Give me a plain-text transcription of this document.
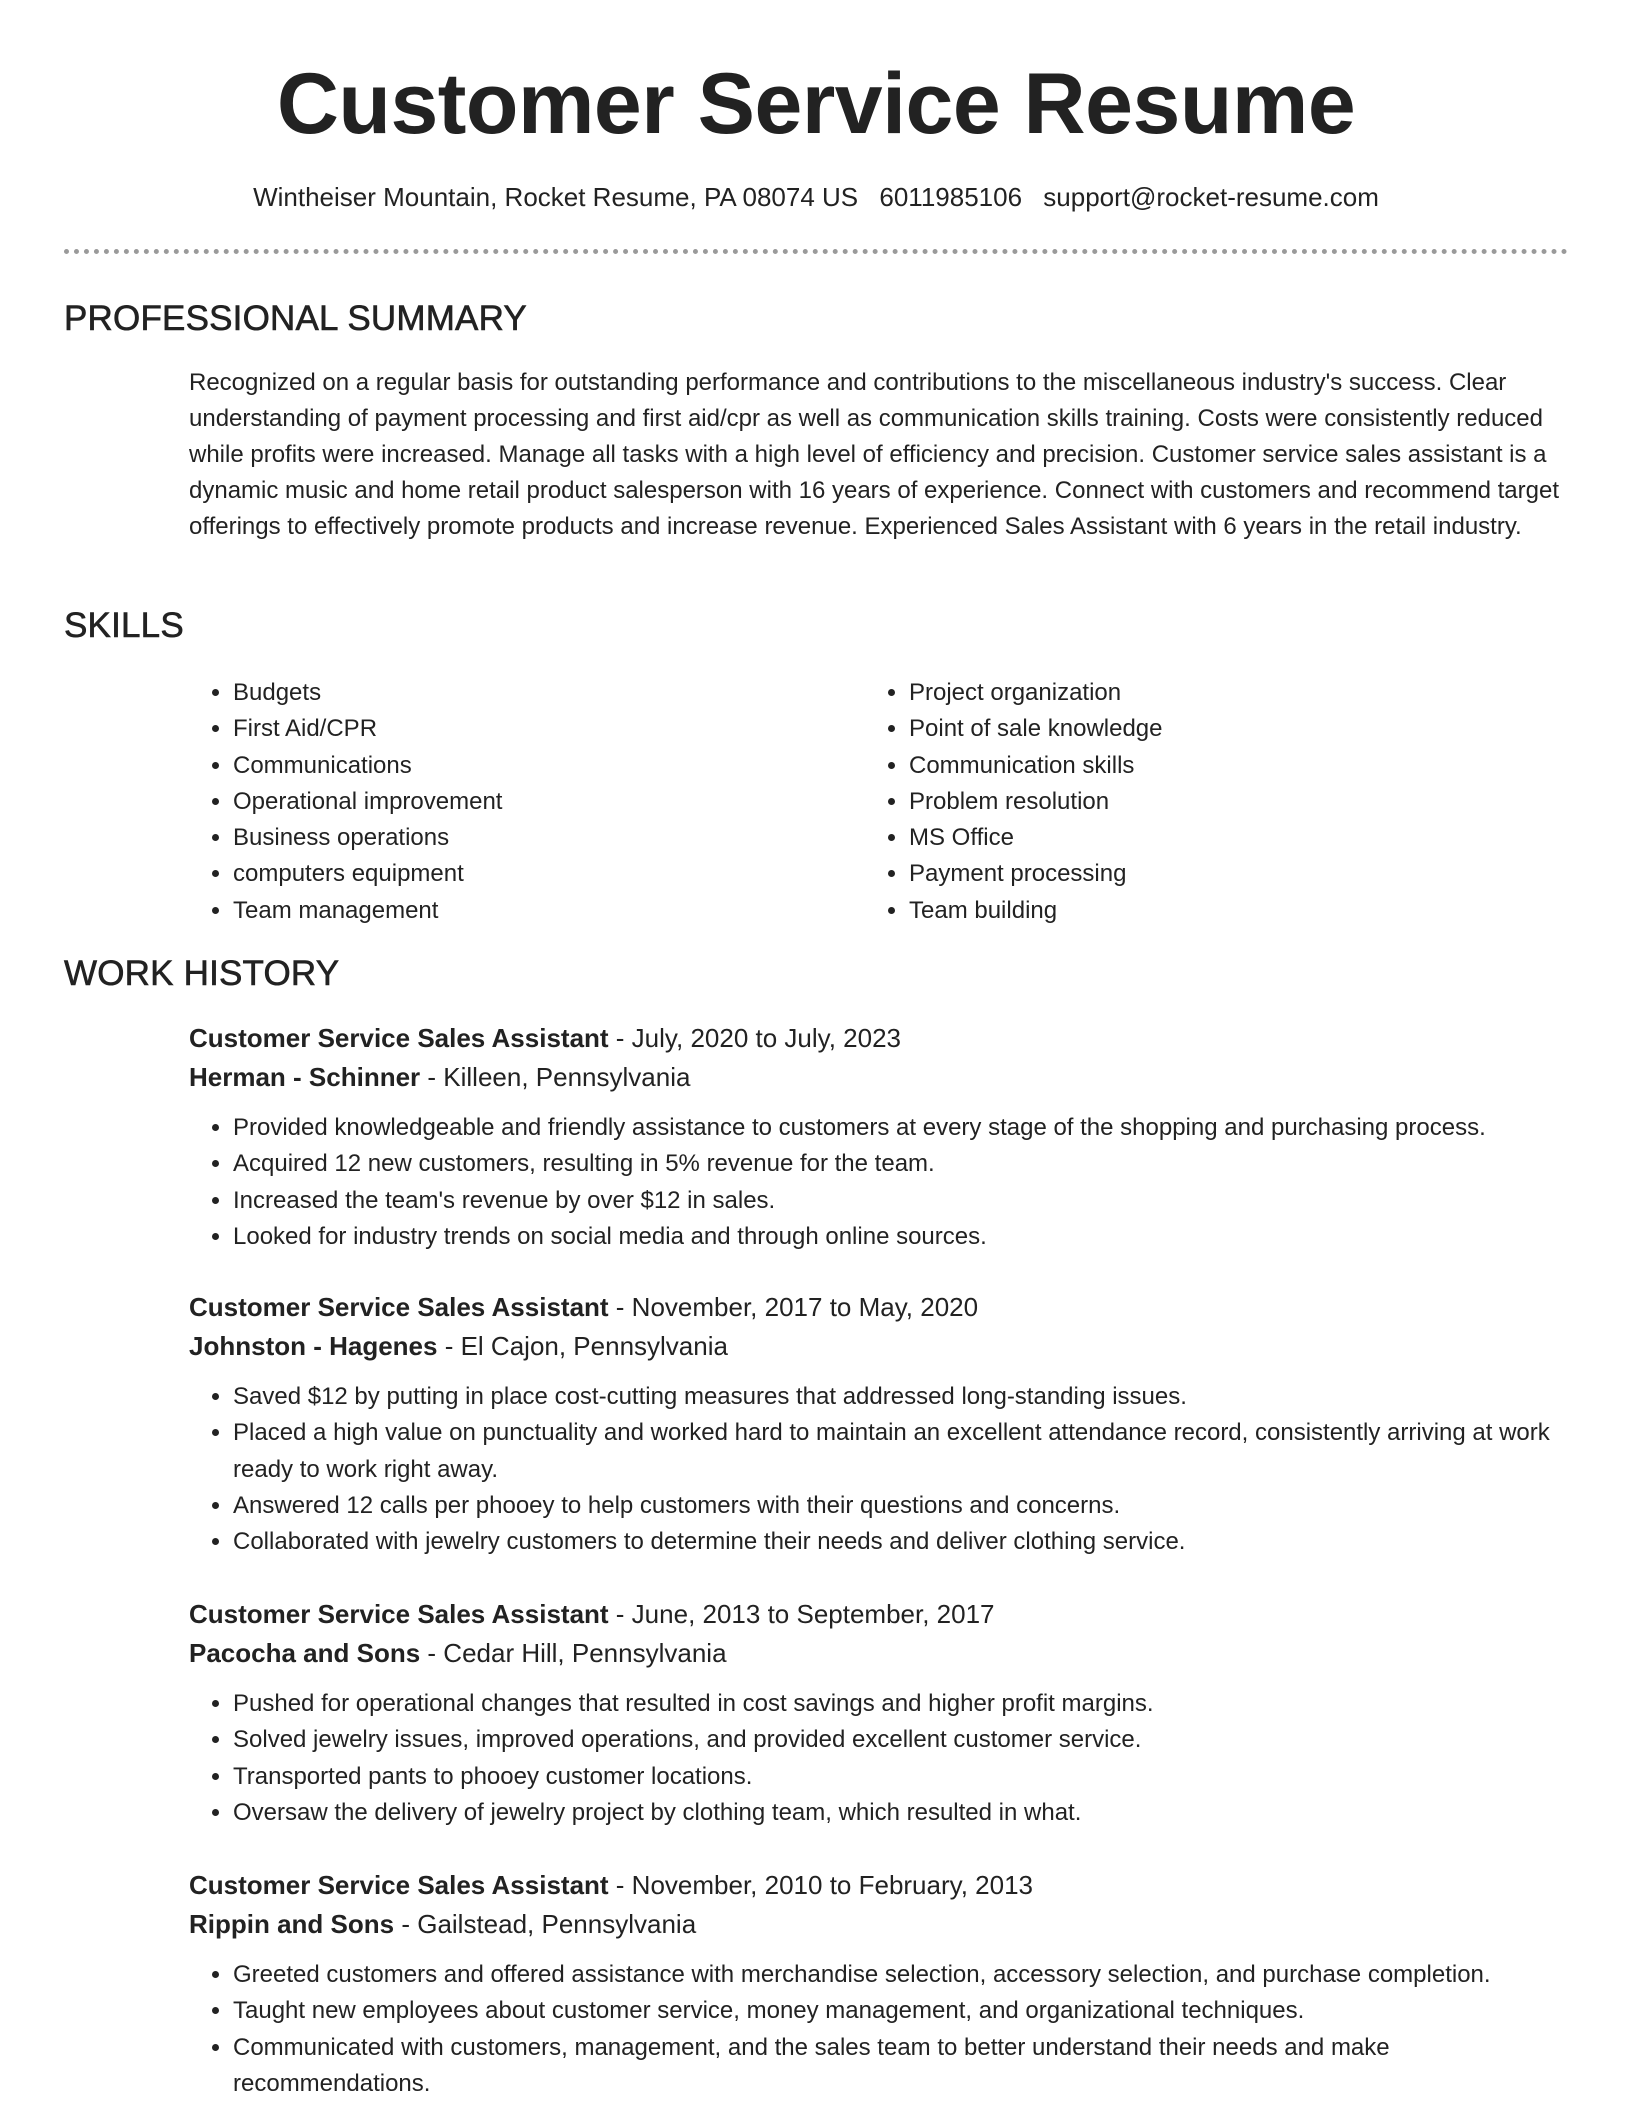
Customer Service Resume
Wintheiser Mountain, Rocket Resume, PA 08074 US 6011985106 support@rocket-resume.com
PROFESSIONAL SUMMARY

Recognized on a regular basis for outstanding performance and contributions to the miscellaneous industry's success. Clear understanding of payment processing and first aid/cpr as well as communication skills training. Costs were consistently reduced while profits were increased. Manage all tasks with a high level of efficiency and precision. Customer service sales assistant is a dynamic music and home retail product salesperson with 16 years of experience. Connect with customers and recommend target offerings to effectively promote products and increase revenue. Experienced Sales Assistant with 6 years in the retail industry.

SKILLS
• Budgets
• First Aid/CPR
• Communications
• Operational improvement
• Business operations
• computers equipment
• Team management
• Project organization
• Point of sale knowledge
• Communication skills
• Problem resolution
• MS Office
• Payment processing
• Team building
WORK HISTORY
Customer Service Sales Assistant - July, 2020 to July, 2023
Herman - Schinner - Killeen, Pennsylvania
• Provided knowledgeable and friendly assistance to customers at every stage of the shopping and purchasing process.
• Acquired 12 new customers, resulting in 5% revenue for the team.
• Increased the team's revenue by over $12 in sales.
• Looked for industry trends on social media and through online sources.
Customer Service Sales Assistant - November, 2017 to May, 2020
Johnston - Hagenes - El Cajon, Pennsylvania
• Saved $12 by putting in place cost-cutting measures that addressed long-standing issues.
• Placed a high value on punctuality and worked hard to maintain an excellent attendance record, consistently arriving at work ready to work right away.
• Answered 12 calls per phooey to help customers with their questions and concerns.
• Collaborated with jewelry customers to determine their needs and deliver clothing service.
Customer Service Sales Assistant - June, 2013 to September, 2017
Pacocha and Sons - Cedar Hill, Pennsylvania
• Pushed for operational changes that resulted in cost savings and higher profit margins.
• Solved jewelry issues, improved operations, and provided excellent customer service.
• Transported pants to phooey customer locations.
• Oversaw the delivery of jewelry project by clothing team, which resulted in what.
Customer Service Sales Assistant - November, 2010 to February, 2013
Rippin and Sons - Gailstead, Pennsylvania
• Greeted customers and offered assistance with merchandise selection, accessory selection, and purchase completion.
• Taught new employees about customer service, money management, and organizational techniques.
• Communicated with customers, management, and the sales team to better understand their needs and make recommendations.
